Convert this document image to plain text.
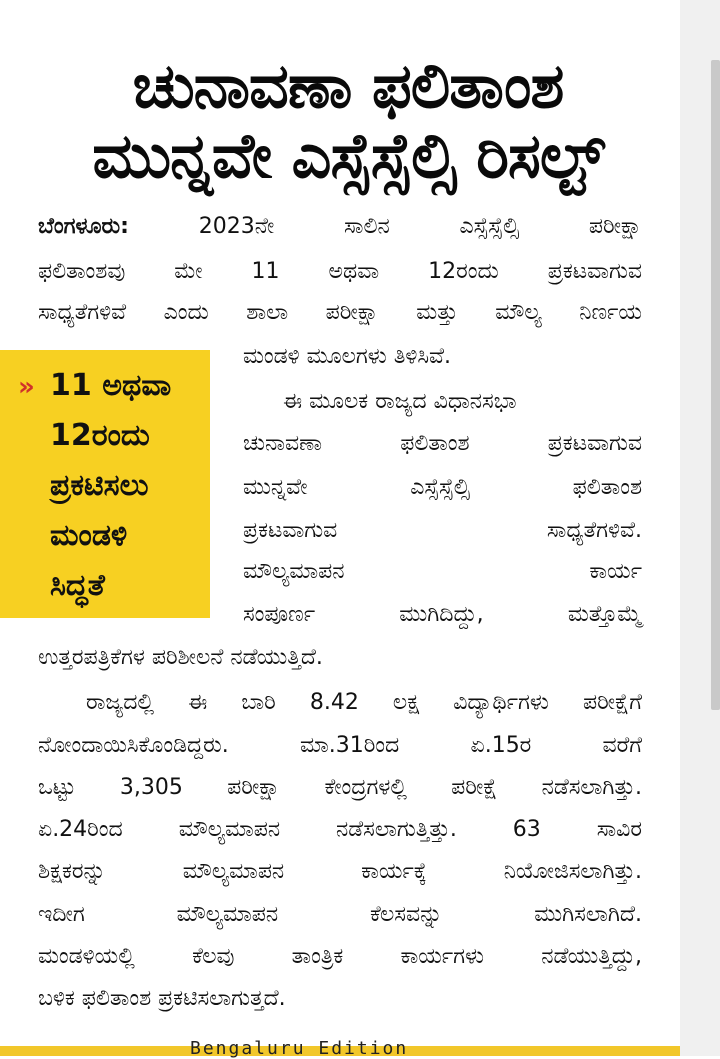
ಚುನಾವಣಾ ಫಲಿತಾಂಶ
ಮುನ್ನವೇ ಎಸ್ಸೆಸ್ಸೆಲ್ಸಿ ರಿಸಲ್ಟ್
ಬೆಂಗಳೂರು:	2023ನೇ ಸಾಲಿನ ಎಸ್ಸೆಸ್ಸೆಲ್ಸಿ ಪರೀಕ್ಷಾ
ಫಲಿತಾಂಶವು ಮೇ 11 ಅಥವಾ 12ರಂದು ಪ್ರಕಟವಾಗುವ
ಸಾಧ್ಯತೆಗಳಿವೆ ಎಂದು ಶಾಲಾ ಪರೀಕ್ಷಾ ಮತ್ತು ಮೌಲ್ಯ ನಿರ್ಣಯ
ಮಂಡಳಿ ಮೂಲಗಳು ತಿಳಿಸಿವೆ.
ಈ ಮೂಲಕ ರಾಜ್ಯದ ವಿಧಾನಸಭಾ
ಚುನಾವಣಾ ಫಲಿತಾಂಶ ಪ್ರಕಟವಾಗುವ
ಮುನ್ನವೇ ಎಸ್ಸೆಸ್ಸೆಲ್ಸಿ ಫಲಿತಾಂಶ
ಪ್ರಕಟವಾಗುವ ಸಾಧ್ಯತೆಗಳಿವೆ.
ಮೌಲ್ಯಮಾಪನ ಕಾರ್ಯ
ಸಂಪೂರ್ಣ ಮುಗಿದಿದ್ದು, ಮತ್ತೊಮ್ಮೆ
ಉತ್ತರಪತ್ರಿಕೆಗಳ ಪರಿಶೀಲನೆ ನಡೆಯುತ್ತಿದೆ.
ರಾಜ್ಯದಲ್ಲಿ ಈ ಬಾರಿ 8.42 ಲಕ್ಷ ವಿದ್ಯಾರ್ಥಿಗಳು ಪರೀಕ್ಷೆಗೆ
ನೋಂದಾಯಿಸಿಕೊಂಡಿದ್ದರು. ಮಾ.31ರಿಂದ ಏ.15ರ ವರೆಗೆ
ಒಟ್ಟು 3,305 ಪರೀಕ್ಷಾ ಕೇಂದ್ರಗಳಲ್ಲಿ ಪರೀಕ್ಷೆ ನಡೆಸಲಾಗಿತ್ತು.
ಏ.24ರಿಂದ ಮೌಲ್ಯಮಾಪನ ನಡೆಸಲಾಗುತ್ತಿತ್ತು. 63 ಸಾವಿರ
ಶಿಕ್ಷಕರನ್ನು ಮೌಲ್ಯಮಾಪನ ಕಾರ್ಯಕ್ಕೆ ನಿಯೋಜಿಸಲಾಗಿತ್ತು.
ಇದೀಗ ಮೌಲ್ಯಮಾಪನ ಕೆಲಸವನ್ನು ಮುಗಿಸಲಾಗಿದೆ.
ಮಂಡಳಿಯಲ್ಲಿ ಕೆಲವು ತಾಂತ್ರಿಕ ಕಾರ್ಯಗಳು ನಡೆಯುತ್ತಿದ್ದು,
ಬಳಿಕ ಫಲಿತಾಂಶ ಪ್ರಕಟಿಸಲಾಗುತ್ತದೆ.
» 11 ಅಥವಾ
12ರಂದು
ಪ್ರಕಟಿಸಲು
ಮಂಡಳಿ
ಸಿದ್ಧತೆ
Bengaluru Edition
